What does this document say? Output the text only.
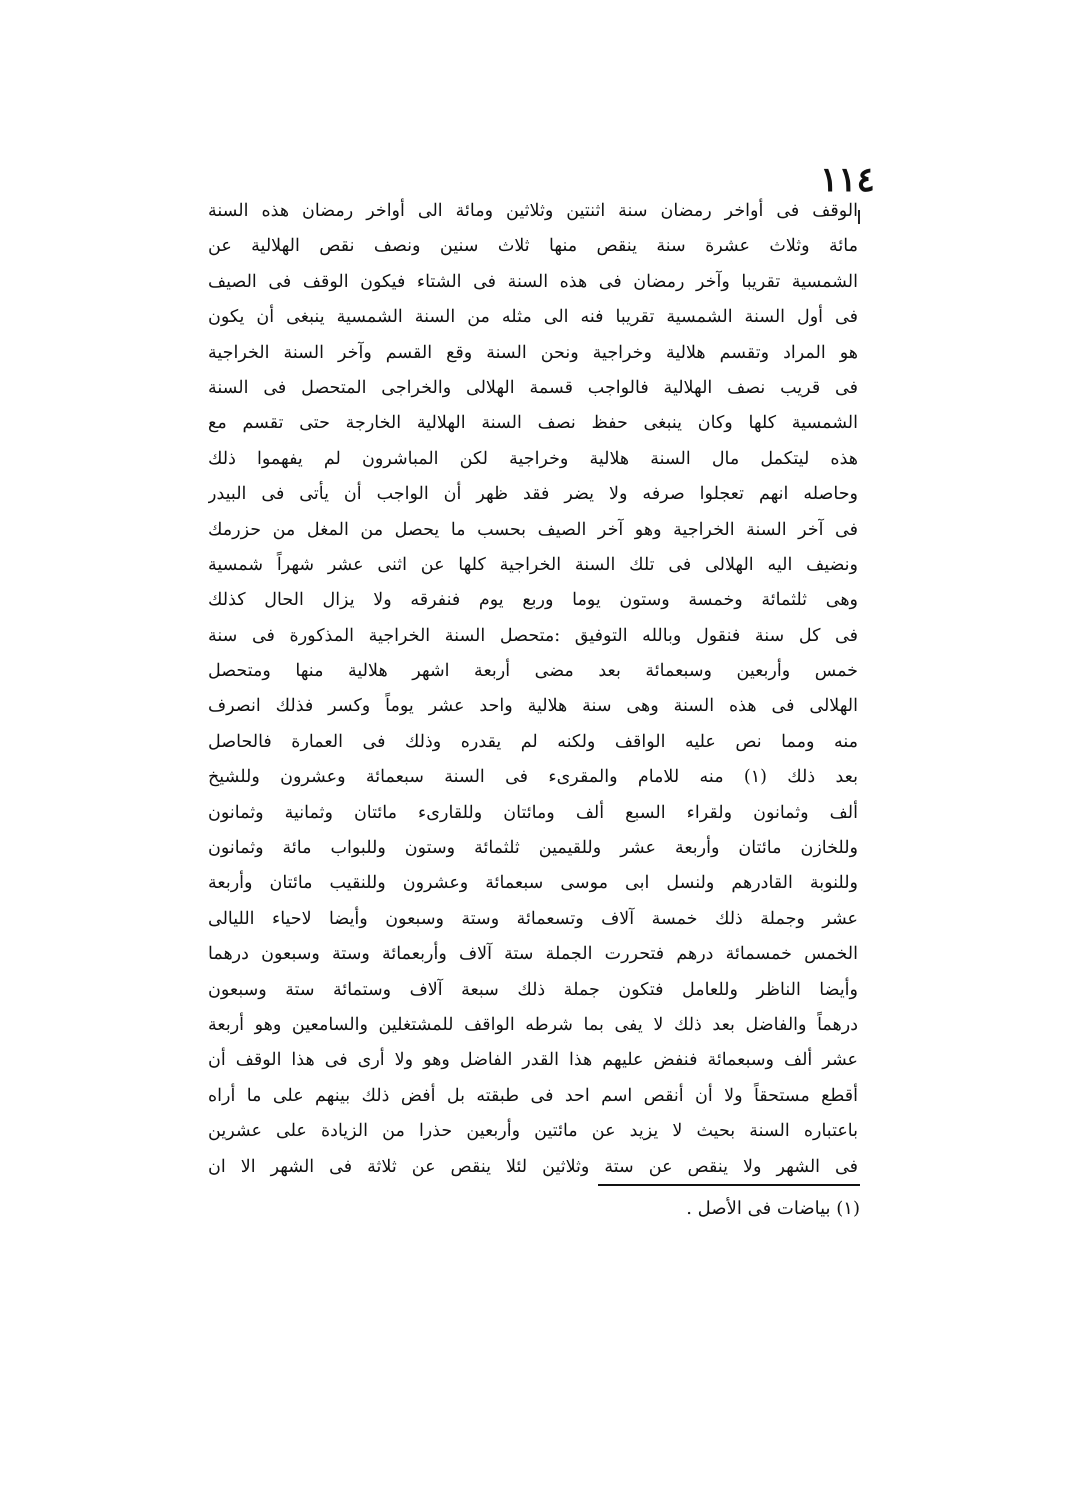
١١٤
الوقف فى أواخر رمضان سنة اثنتين وثلاثين ومائة الى أواخر رمضان هذه السنة
مائة وثلاث عشرة سنة ينقص منها ثلاث سنين ونصف نقص الهلالية عن
الشمسية تقريبا وآخر رمضان فى هذه السنة فى الشتاء فيكون الوقف فى الصيف
فى أول السنة الشمسية تقريبا فنه الى مثله من السنة الشمسية ينبغى أن يكون
هو المراد وتقسم هلالية وخراجية ونحن السنة وقع القسم وآخر السنة الخراجية
فى قريب نصف الهلالية فالواجب قسمة الهلالى والخراجى المتحصل فى السنة
الشمسية كلها وكان ينبغى حفظ نصف السنة الهلالية الخارجة حتى تقسم مع
هذه ليتكمل مال السنة هلالية وخراجية لكن المباشرون لم يفهموا ذلك
وحاصله انهم تعجلوا صرفه ولا يضر فقد ظهر أن الواجب أن يأتى فى البيدر
فى آخر السنة الخراجية وهو آخر الصيف بحسب ما يحصل من المغل من حزرمك
ونضيف اليه الهلالى فى تلك السنة الخراجية كلها عن اثنى عشر شهراً شمسية
وهى ثلثمائة وخمسة وستون يوما وربع يوم فنفرقه ولا يزال الحال كذلك
فى كل سنة فنقول وبالله التوفيق :متحصل السنة الخراجية المذكورة فى سنة
خمس وأربعين وسبعمائة بعد مضى أربعة اشهر هلالية منها ومتحصل
الهلالى فى هذه السنة وهى سنة هلالية واحد عشر يوماً وكسر فذلك انصرف
منه ومما نص عليه الواقف ولكنه لم يقدره وذلك فى العمارة فالحاصل
بعد ذلك (١) منه للامام والمقرىء فى السنة سبعمائة وعشرون وللشيخ
ألف وثمانون ولقراء السبع ألف ومائتان وللقارىء مائتان وثمانية وثمانون
وللخازن مائتان وأربعة عشر وللقيمين ثلثمائة وستون وللبواب مائة وثمانون
وللنوبة القادرهم ولنسل ابى موسى سبعمائة وعشرون وللنقيب مائتان وأربعة
عشر وجملة ذلك خمسة آلاف وتسعمائة وستة وسبعون وأيضا لاحياء الليالى
الخمس خمسمائة درهم فتحررت الجملة ستة آلاف وأربعمائة وستة وسبعون درهما
وأيضا الناظر وللعامل فتكون جملة ذلك سبعة آلاف وستمائة ستة وسبعون
درهماً والفاضل بعد ذلك لا يفى بما شرطه الواقف للمشتغلين والسامعين وهو أربعة
عشر ألف وسبعمائة فنفض عليهم هذا القدر الفاضل وهو ولا أرى فى هذا الوقف أن
أقطع مستحقاً ولا أن أنقص اسم احد فى طبقته بل أفض ذلك بينهم على ما أراه
باعتباره السنة بحيث لا يزيد عن مائتين وأربعين حذرا من الزيادة على عشرين
فى الشهر ولا ينقص عن ستة وثلاثين لئلا ينقص عن ثلاثة فى الشهر الا ان
(١) بياضات فى الأصل .
